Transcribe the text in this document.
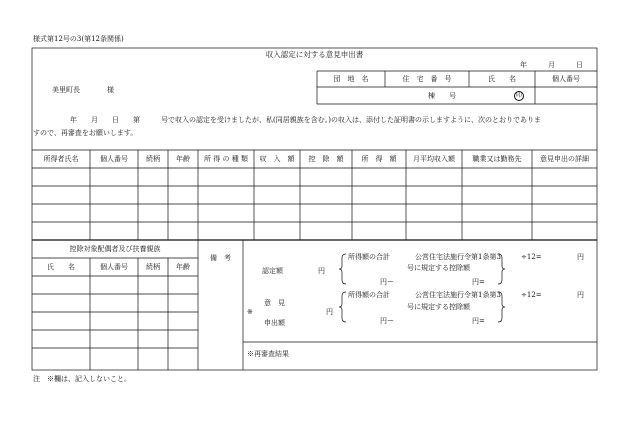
様式第12号の3(第12条関係)
収入認定に対する意見申出書
年	月	日
美里町長	様
団　地　名	住　宅　番　号	氏　　名	個人番号
棟　　号	印
年　　月　　日　　第　　　号で収入の認定を受けましたが、私(同居親族を含む。)の収入は、添付した証明書の示しますように、次のとおりでありま
すので、再審査をお願いします。
所得者氏名	個人番号	続柄	年齢	所 得 の 種 類	収　入　額	控　除　額	所　得　額	月平均収入額	職業又は勤務先	意見申出の詳細
控除対象配偶者及び扶養親族
氏　　名	個人番号	続柄	年齢
備　考
認定額	円
所得額の合計	公営住宅法施行令第1条第3
号に規定する控除額
円ー	円=
÷12=	円
意　見
※	円
申出額
所得額の合計	公営住宅法施行令第1条第3
号に規定する控除額
円ー	円=
÷12=	円
※再審査結果
注　※欄は、記入しないこと。
